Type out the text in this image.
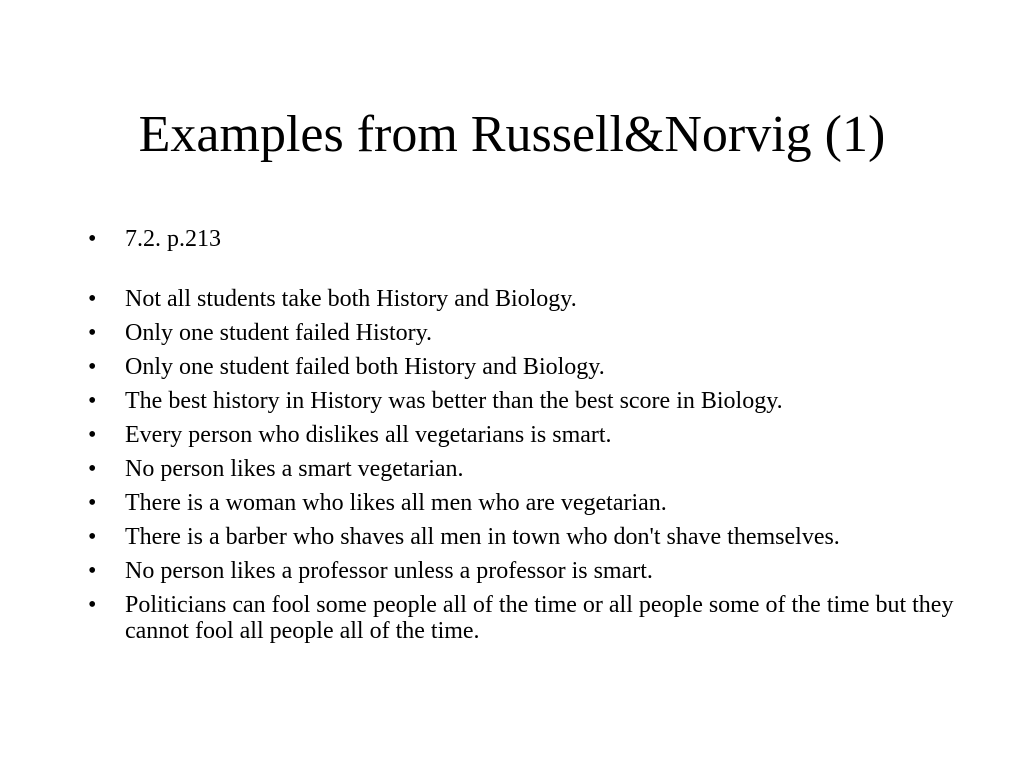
Examples from Russell&Norvig (1)
•	7.2. p.213
•	Not all students take both History and Biology.
•	Only one student failed History.
•	Only one student failed both History and Biology.
•	The best history in History was better than the best score in Biology.
•	Every person who dislikes all vegetarians is smart.
•	No person likes a smart vegetarian.
•	There is a woman who likes all men who are vegetarian.
•	There is a barber who shaves all men in town who don't shave themselves.
•	No person likes a professor unless a professor is smart.
•	Politicians can fool some people all of the time or all people some of the time but they cannot fool all people all of the time.
